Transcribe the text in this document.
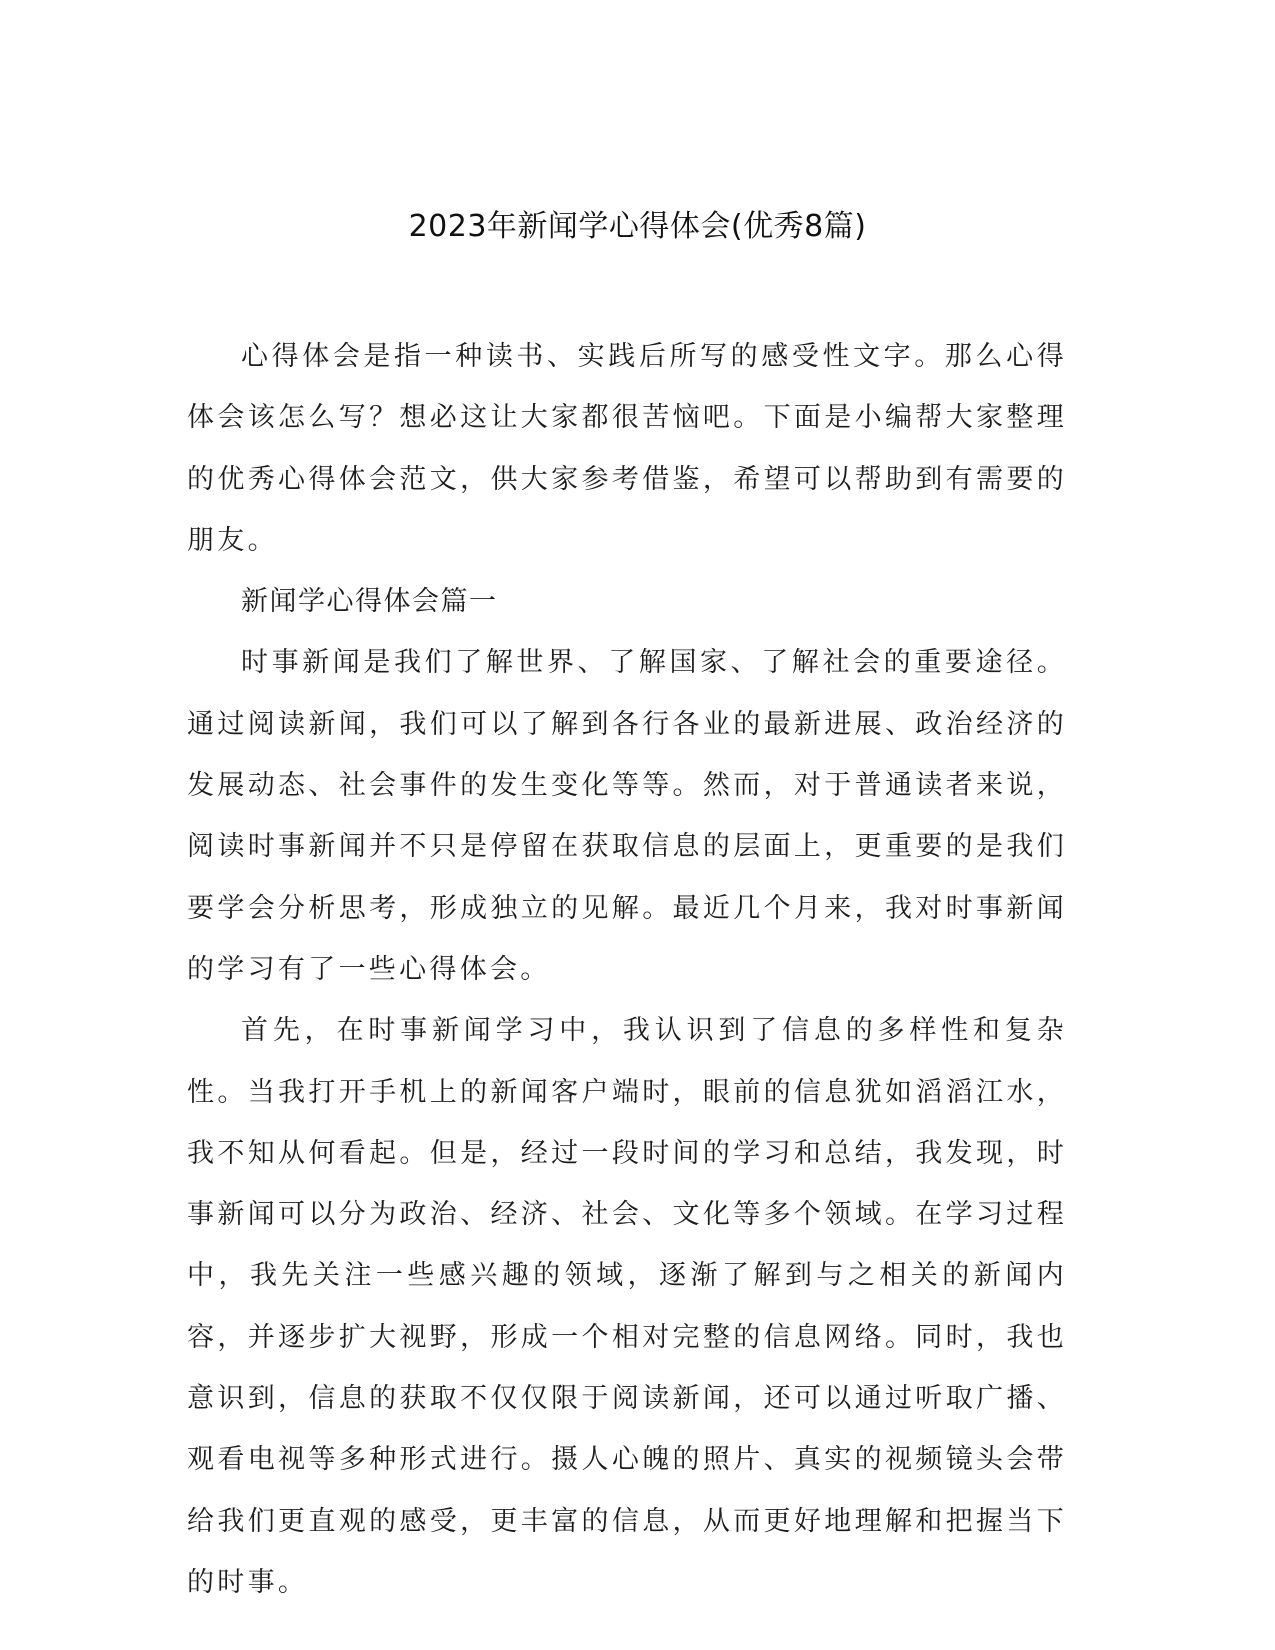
2023年新闻学心得体会(优秀8篇)

心得体会是指一种读书、实践后所写的感受性文字。那么心得体会该怎么写？想必这让大家都很苦恼吧。下面是小编帮大家整理的优秀心得体会范文，供大家参考借鉴，希望可以帮助到有需要的朋友。

新闻学心得体会篇一

时事新闻是我们了解世界、了解国家、了解社会的重要途径。通过阅读新闻，我们可以了解到各行各业的最新进展、政治经济的发展动态、社会事件的发生变化等等。然而，对于普通读者来说，阅读时事新闻并不只是停留在获取信息的层面上，更重要的是我们要学会分析思考，形成独立的见解。最近几个月来，我对时事新闻的学习有了一些心得体会。

首先，在时事新闻学习中，我认识到了信息的多样性和复杂性。当我打开手机上的新闻客户端时，眼前的信息犹如滔滔江水，我不知从何看起。但是，经过一段时间的学习和总结，我发现，时事新闻可以分为政治、经济、社会、文化等多个领域。在学习过程中，我先关注一些感兴趣的领域，逐渐了解到与之相关的新闻内容，并逐步扩大视野，形成一个相对完整的信息网络。同时，我也意识到，信息的获取不仅仅限于阅读新闻，还可以通过听取广播、观看电视等多种形式进行。摄人心魄的照片、真实的视频镜头会带给我们更直观的感受，更丰富的信息，从而更好地理解和把握当下的时事。
